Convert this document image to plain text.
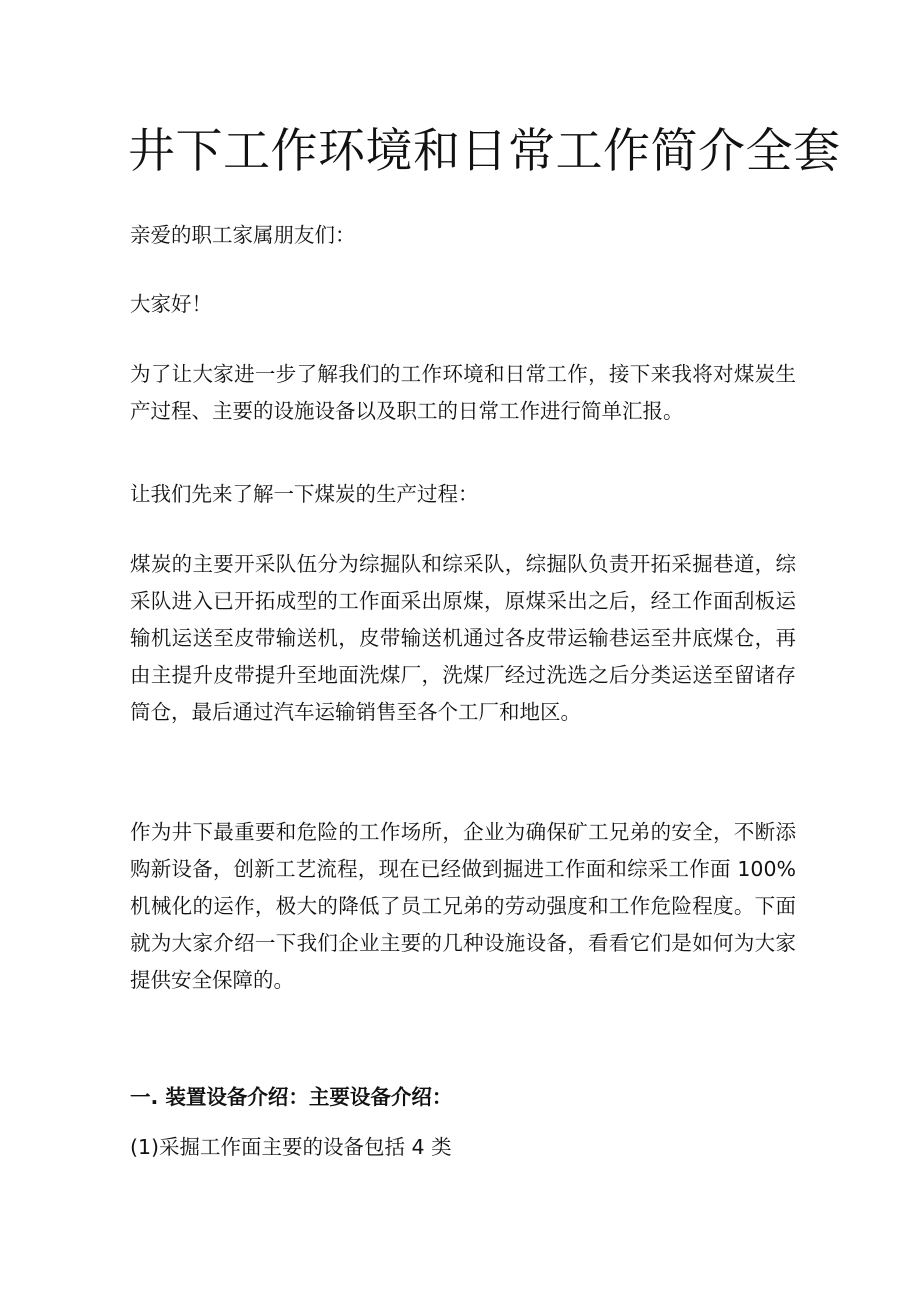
井下工作环境和日常工作简介全套

亲爱的职工家属朋友们：

大家好！

为了让大家进一步了解我们的工作环境和日常工作，接下来我将对煤炭生产过程、主要的设施设备以及职工的日常工作进行简单汇报。

让我们先来了解一下煤炭的生产过程：

煤炭的主要开采队伍分为综掘队和综采队，综掘队负责开拓采掘巷道，综采队进入已开拓成型的工作面采出原煤，原煤采出之后，经工作面刮板运输机运送至皮带输送机，皮带输送机通过各皮带运输巷运至井底煤仓，再由主提升皮带提升至地面洗煤厂，洗煤厂经过洗选之后分类运送至留诸存筒仓，最后通过汽车运输销售至各个工厂和地区。

作为井下最重要和危险的工作场所，企业为确保矿工兄弟的安全，不断添购新设备，创新工艺流程，现在已经做到掘进工作面和综采工作面 100%机械化的运作，极大的降低了员工兄弟的劳动强度和工作危险程度。下面就为大家介绍一下我们企业主要的几种设施设备，看看它们是如何为大家提供安全保障的。

一. 装置设备介绍：主要设备介绍：

(1)采掘工作面主要的设备包括 4 类
